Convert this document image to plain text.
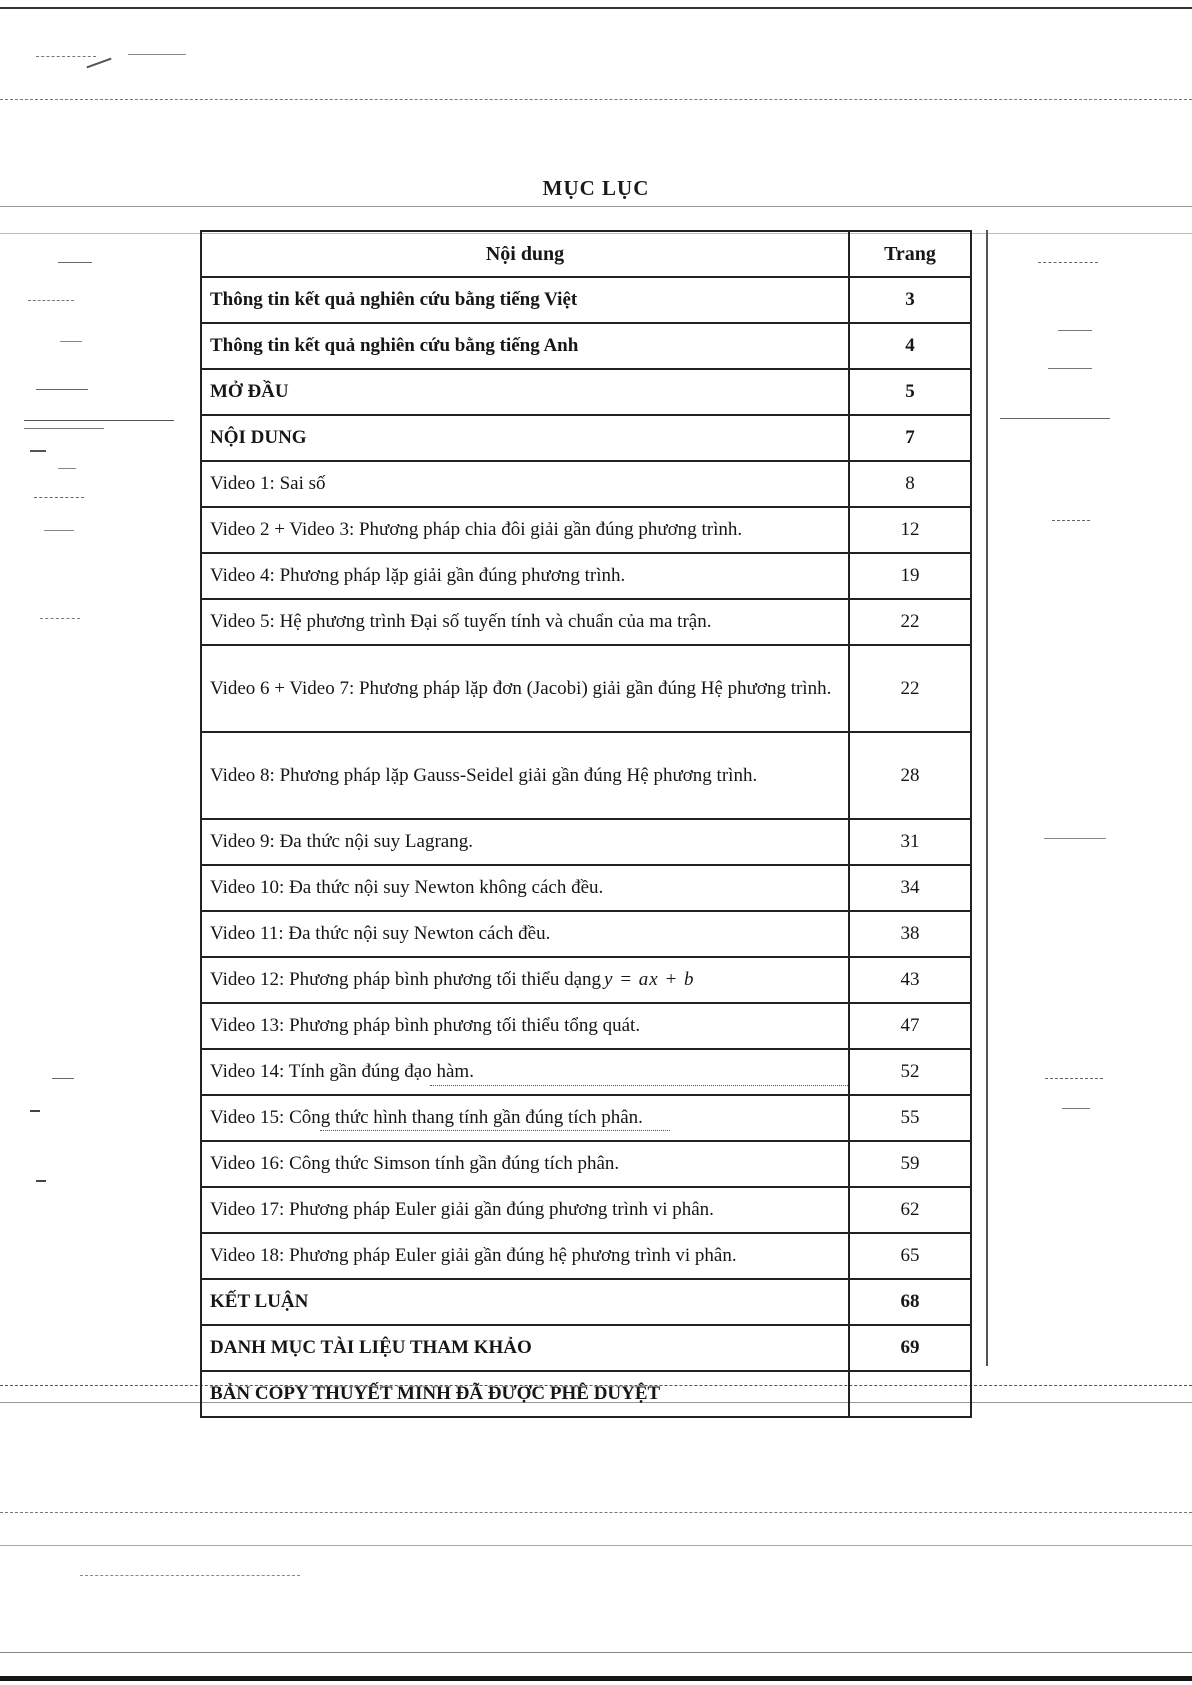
MỤC LỤC
Nội dung	Trang
Thông tin kết quả nghiên cứu bằng tiếng Việt	3
Thông tin kết quả nghiên cứu bằng tiếng Anh	4
MỞ ĐẦU	5
NỘI DUNG	7
Video 1: Sai số	8
Video 2 + Video 3: Phương pháp chia đôi giải gần đúng phương trình.	12
Video 4: Phương pháp lặp giải gần đúng phương trình.	19
Video 5: Hệ phương trình Đại số tuyến tính và chuẩn của ma trận.	22
Video 6 + Video 7: Phương pháp lặp đơn (Jacobi) giải gần đúng Hệ phương trình.	22
Video 8: Phương pháp lặp Gauss-Seidel giải gần đúng Hệ phương trình.	28
Video 9: Đa thức nội suy Lagrang.	31
Video 10: Đa thức nội suy Newton không cách đều.	34
Video 11: Đa thức nội suy Newton cách đều.	38
Video 12: Phương pháp bình phương tối thiểu dạng y = ax + b	43
Video 13: Phương pháp bình phương tối thiểu tổng quát.	47
Video 14: Tính gần đúng đạo hàm.	52
Video 15: Công thức hình thang tính gần đúng tích phân.	55
Video 16: Công thức Simson tính gần đúng tích phân.	59
Video 17: Phương pháp Euler giải gần đúng phương trình vi phân.	62
Video 18: Phương pháp Euler giải gần đúng hệ phương trình vi phân.	65
KẾT LUẬN	68
DANH MỤC TÀI LIỆU THAM KHẢO	69
BẢN COPY THUYẾT MINH ĐÃ ĐƯỢC PHÊ DUYỆT	
